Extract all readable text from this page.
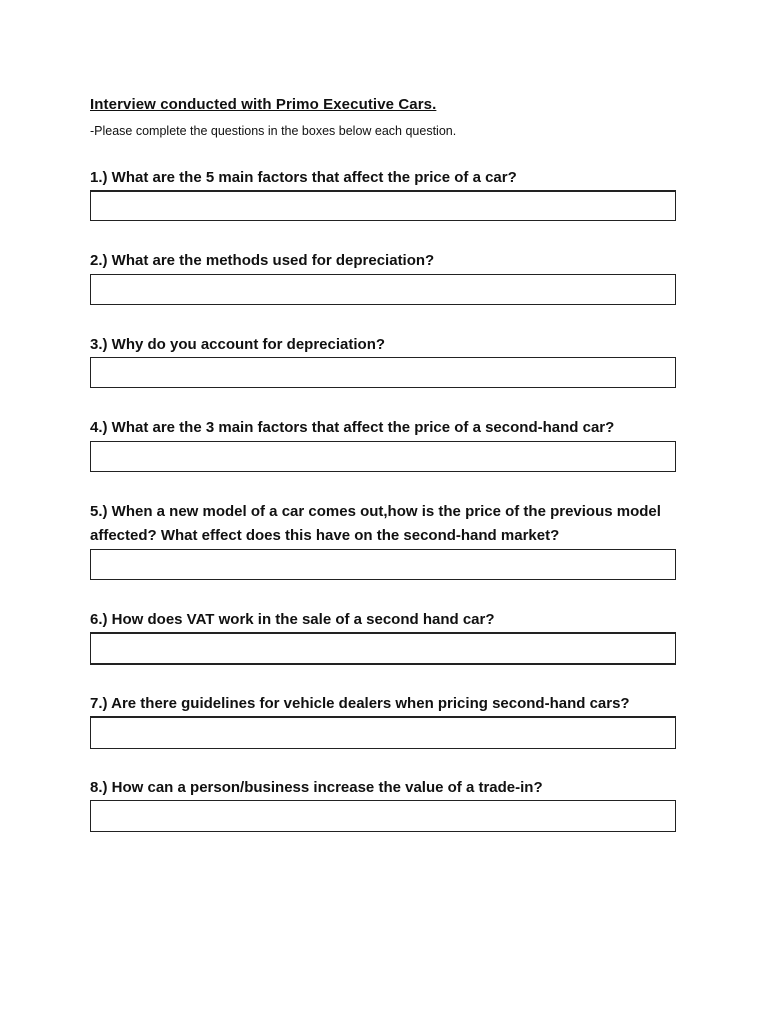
Interview conducted with Primo Executive Cars.
-Please complete the questions in the boxes below each question.
1.) What are the 5 main factors that affect the price of a car?
2.) What are the methods used for depreciation?
3.) Why do you account for depreciation?
4.) What are the 3 main factors that affect the price of a second-hand car?
5.) When a new model of a car comes out,how is the price of the previous model affected? What effect does this have on the second-hand market?
6.) How does VAT work in the sale of a second hand car?
7.) Are there guidelines for vehicle dealers when pricing second-hand cars?
8.) How can a person/business increase the value of a trade-in?
